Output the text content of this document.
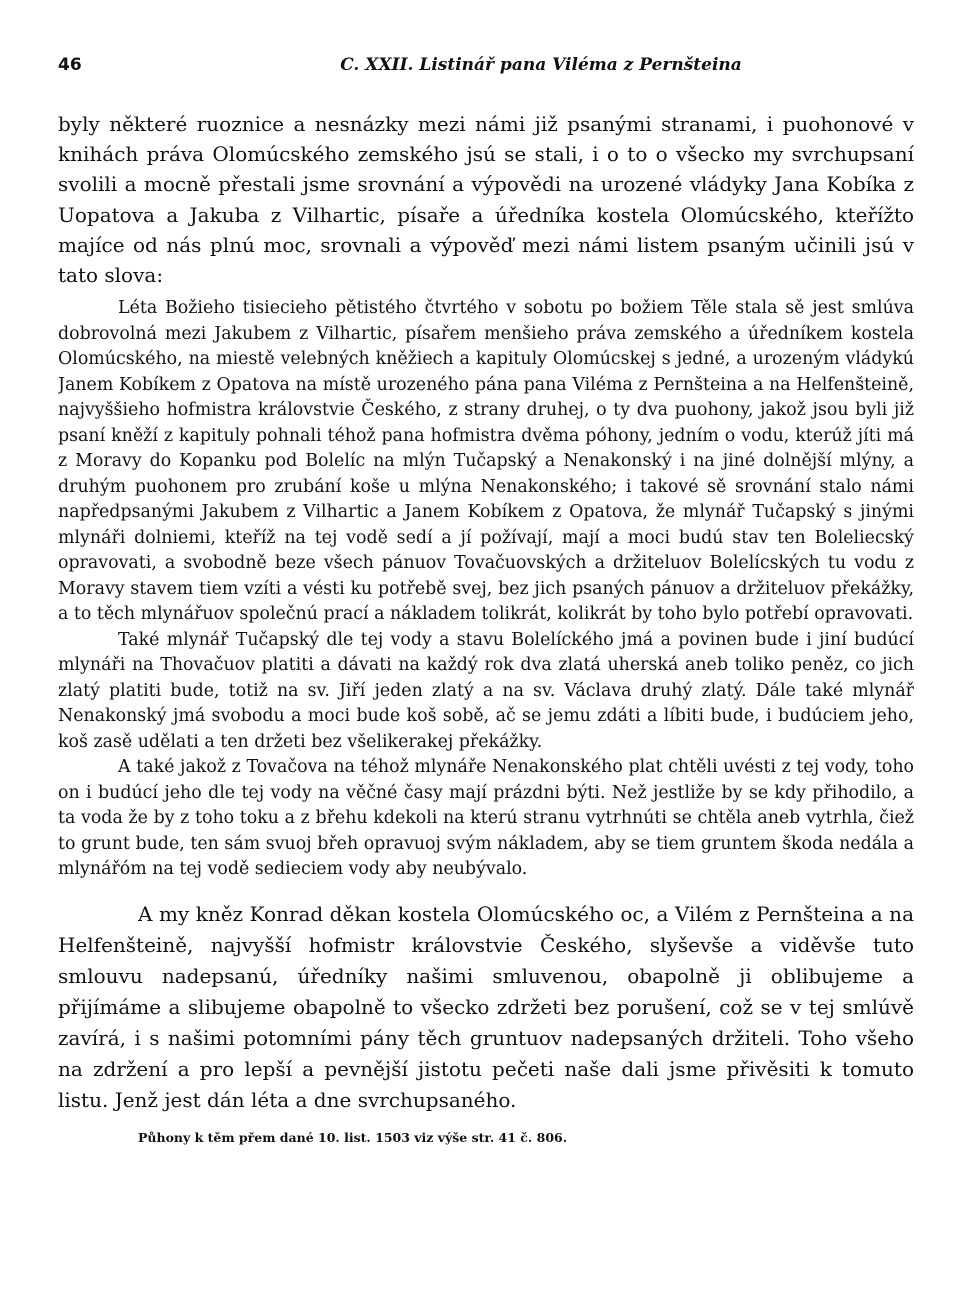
46	C. XXII. Listinář pana Viléma z Pernšteina

byly některé ruoznice a nesnázky mezi námi již psanými stranami, i puohonové v knihách práva Olomúcského zemského jsú se stali, i o to o všecko my svrchupsaní svolili a mocně přestali jsme srovnání a výpovědi na urozené vládyky Jana Kobíka z Uopatova a Jakuba z Vilhartic, písaře a úředníka kostela Olomúcského, kteřížto majíce od nás plnú moc, srovnali a výpověď mezi námi listem psaným učinili jsú v tato slova:

Léta Božieho tisiecieho pětistého čtvrtého v sobotu po božiem Těle stala sě jest smlúva dobrovolná mezi Jakubem z Vilhartic, písařem menšieho práva zemského a úředníkem kostela Olomúcského, na miestě velebných kněžiech a kapituly Olomúcskej s jedné, a urozeným vládykú Janem Kobíkem z Opatova na místě urozeného pána pana Viléma z Pernšteina a na Helfenšteině, najvyššieho hofmistra královstvie Českého, z strany druhej, o ty dva puohony, jakož jsou byli již psaní kněží z kapituly pohnali téhož pana hofmistra dvěma póhony, jedním o vodu, kterúž jíti má z Moravy do Kopanku pod Bolelíc na mlýn Tučapský a Nenakonský i na jiné dolnější mlýny, a druhým puohonem pro zrubání koše u mlýna Nenakonského; i takové sě srovnání stalo námi napředpsanými Jakubem z Vilhartic a Janem Kobíkem z Opatova, že mlynář Tučapský s jinými mlynáři dolniemi, kteříž na tej vodě sedí a jí požívají, mají a moci budú stav ten Boleliecský opravovati, a svobodně beze všech pánuov Tovačuovských a držiteluov Bolelícských tu vodu z Moravy stavem tiem vzíti a vésti ku potřebě svej, bez jich psaných pánuov a držiteluov překážky, a to těch mlynářuov společnú prací a nákladem tolikrát, kolikrát by toho bylo potřebí opravovati.

Také mlynář Tučapský dle tej vody a stavu Bolelíckého jmá a povinen bude i jiní budúcí mlynáři na Thovačuov platiti a dávati na každý rok dva zlatá uherská aneb toliko peněz, co jich zlatý platiti bude, totiž na sv. Jiří jeden zlatý a na sv. Václava druhý zlatý. Dále také mlynář Nenakonský jmá svobodu a moci bude koš sobě, ač se jemu zdáti a líbiti bude, i budúciem jeho, koš zasě udělati a ten držeti bez všelikerakej překážky.

A také jakož z Tovačova na téhož mlynáře Nenakonského plat chtěli uvésti z tej vody, toho on i budúcí jeho dle tej vody na věčné časy mají prázdni býti. Než jestliže by se kdy přihodilo, a ta voda že by z toho toku a z břehu kdekoli na kterú stranu vytrhnúti se chtěla aneb vytrhla, čiež to grunt bude, ten sám svuoj břeh opravuoj svým nákladem, aby se tiem gruntem škoda nedála a mlynářóm na tej vodě sedieciem vody aby neubývalo.

A my kněz Konrad děkan kostela Olomúcského oc, a Vilém z Pernšteina a na Helfenšteině, najvyšší hofmistr královstvie Českého, slyševše a viděvše tuto smlouvu nadepsanú, úředníky našimi smluvenou, obapolně ji oblibujeme a přijímáme a slibujeme obapolně to všecko zdržeti bez porušení, což se v tej smlúvě zavírá, i s našimi potomními pány těch gruntuov nadepsaných držiteli. Toho všeho na zdržení a pro lepší a pevnější jistotu pečeti naše dali jsme přivěsiti k tomuto listu. Jenž jest dán léta a dne svrchupsaného.

Půhony k těm přem dané 10. list. 1503 viz výše str. 41 č. 806.
